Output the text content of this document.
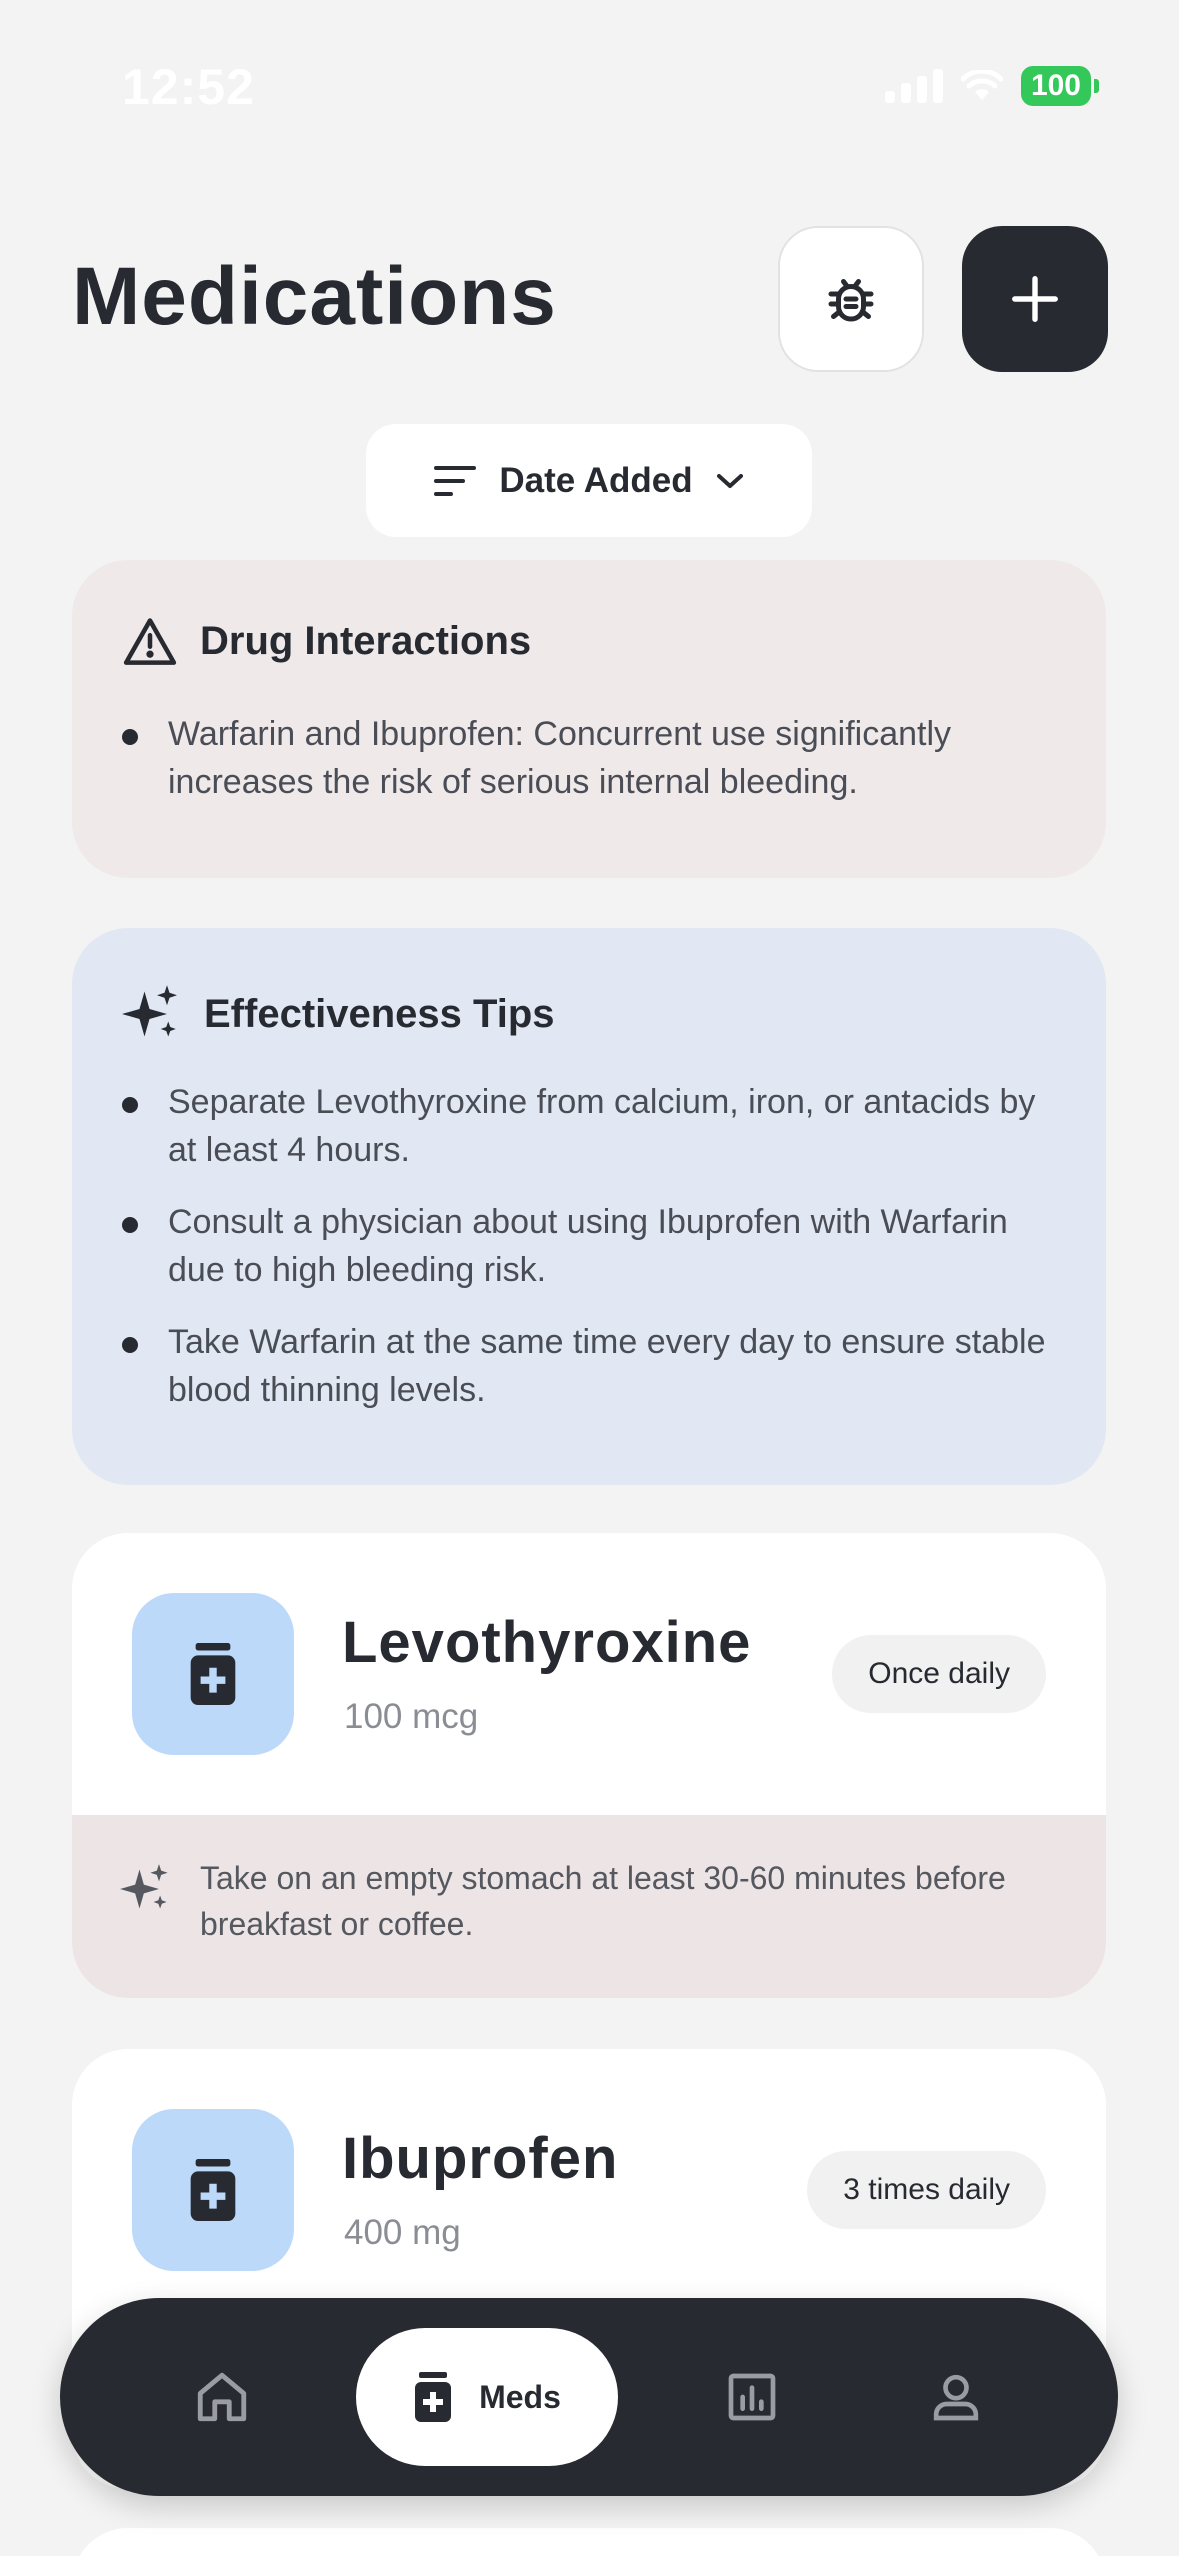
12:52	100
Medications
Date Added
Drug Interactions
Warfarin and Ibuprofen: Concurrent use significantly increases the risk of serious internal bleeding.
Effectiveness Tips
Separate Levothyroxine from calcium, iron, or antacids by at least 4 hours.
Consult a physician about using Ibuprofen with Warfarin due to high bleeding risk.
Take Warfarin at the same time every day to ensure stable blood thinning levels.
Levothyroxine
100 mcg
Once daily
Take on an empty stomach at least 30-60 minutes before breakfast or coffee.
Ibuprofen
400 mg
3 times daily
Meds
